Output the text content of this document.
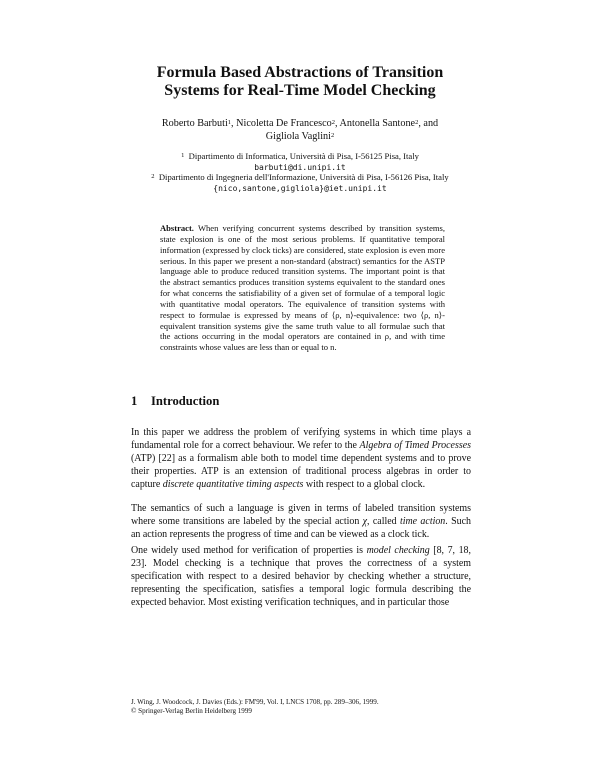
Formula Based Abstractions of Transition
Systems for Real-Time Model Checking
Roberto Barbuti$^1$, Nicoletta De Francesco$^2$, Antonella Santone$^2$, and
Gigliola Vaglini$^2$
$^1$ Dipartimento di Informatica, Università di Pisa, I-56125 Pisa, Italy
barbuti@di.unipi.it
$^2$ Dipartimento di Ingegneria dell'Informazione, Università di Pisa, I-56126 Pisa, Italy
{nico,santone,gigliola}@iet.unipi.it
Abstract. When verifying concurrent systems described by transition systems, state explosion is one of the most serious problems. If quantitative temporal information (expressed by clock ticks) are considered, state explosion is even more serious. In this paper we present a non-standard (abstract) semantics for the ASTP language able to produce reduced transition systems. The important point is that the abstract semantics produces transition systems equivalent to the standard ones for what concerns the satisfiability of a given set of formulae of a temporal logic with quantitative modal operators. The equivalence of transition systems with respect to formulae is expressed by means of ⟨ρ, n⟩-equivalence: two ⟨ρ, n⟩-equivalent transition systems give the same truth value to all formulae such that the actions occurring in the modal operators are contained in ρ, and with time constraints whose values are less than or equal to n.
1 Introduction
In this paper we address the problem of verifying systems in which time plays a fundamental role for a correct behaviour. We refer to the Algebra of Timed Processes (ATP) [22] as a formalism able both to model time dependent systems and to prove their properties. ATP is an extension of traditional process algebras in order to capture discrete quantitative timing aspects with respect to a global clock.
The semantics of such a language is given in terms of labeled transition systems where some transitions are labeled by the special action χ, called time action. Such an action represents the progress of time and can be viewed as a clock tick.
One widely used method for verification of properties is model checking [8, 7, 18, 23]. Model checking is a technique that proves the correctness of a system specification with respect to a desired behavior by checking whether a structure, representing the specification, satisfies a temporal logic formula describing the expected behavior. Most existing verification techniques, and in particular those
J. Wing, J. Woodcock, J. Davies (Eds.): FM'99, Vol. I, LNCS 1708, pp. 289–306, 1999.
© Springer-Verlag Berlin Heidelberg 1999
